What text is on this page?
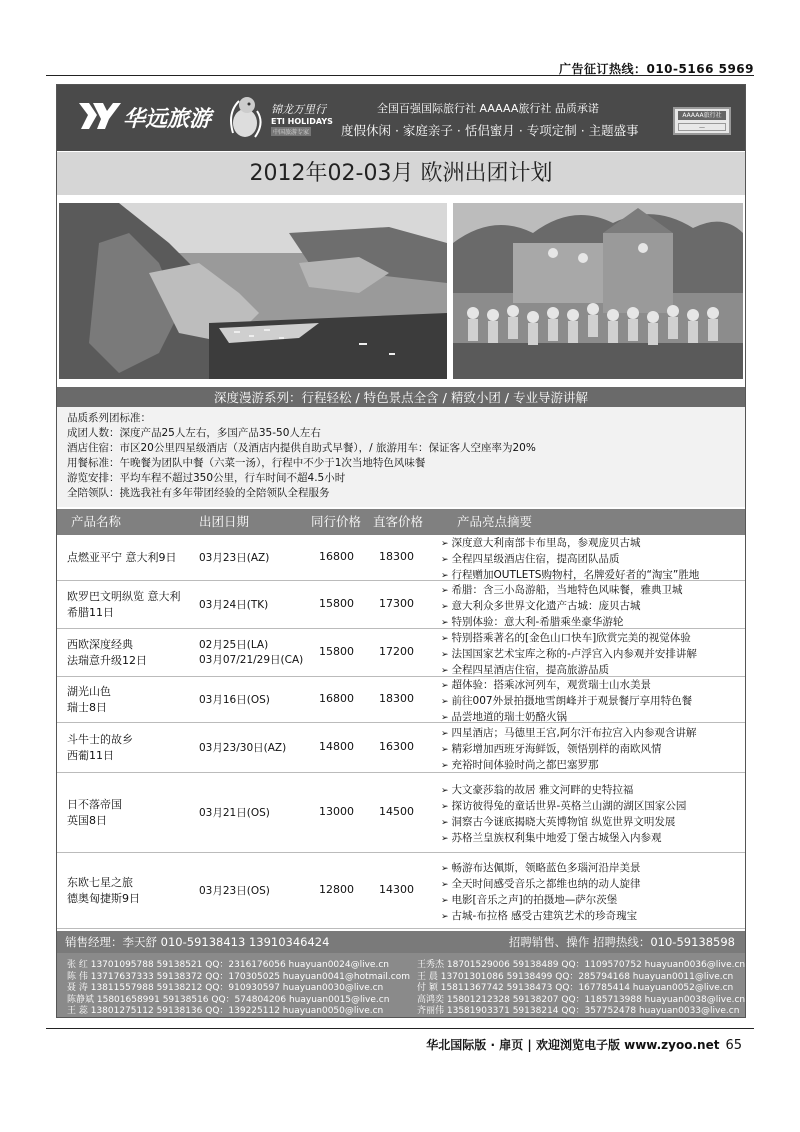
广告征订热线：010-5166 5969
华远旅游	锦龙万里行
ETI HOLIDAYS
中国旅游专家
全国百强国际旅行社 AAAAA旅行社 品质承诺
度假休闲 · 家庭亲子 · 恬侣蜜月 · 专项定制 · 主题盛事
AAAAA旅行社
—
2012年02-03月 欧洲出团计划
深度漫游系列：行程轻松 / 特色景点全含 / 精致小团 / 专业导游讲解
品质系列团标准：
成团人数：深度产品25人左右，多国产品35-50人左右
酒店住宿：市区20公里四星级酒店（及酒店内提供自助式早餐），/ 旅游用车：保证客人空座率为20%
用餐标准：午晚餐为团队中餐（六菜一汤），行程中不少于1次当地特色风味餐
游览安排：平均车程不超过350公里，行车时间不超4.5小时
全陪领队：挑选我社有多年带团经验的全陪领队全程服务
产品名称	出团日期	同行价格 直客价格	产品亮点摘要
点燃亚平宁 意大利9日 03月23日(AZ)	16800 18300
➢ 深度意大利南部卡布里岛，参观庞贝古城
➢ 全程四星级酒店住宿，提高团队品质
➢ 行程赠加OUTLETS购物村，名牌爱好者的“淘宝”胜地
欧罗巴文明纵览 意大利
希腊11日
03月24日(TK)	15800 17300
➢ 希腊：含三小岛游船，当地特色风味餐，雅典卫城
➢ 意大利众多世界文化遗产古城：庞贝古城
➢ 特别体验：意大利-希腊乘坐豪华游轮
西欧深度经典
法瑞意升级12日
02月25日(LA)
03月07/21/29日(CA)
15800 17200
➢ 特别搭乘著名的[金色山口快车]欣赏完美的视觉体验
➢ 法国国家艺术宝库之称的-卢浮宫入内参观并安排讲解
➢ 全程四星酒店住宿，提高旅游品质
湖光山色
瑞士8日
03月16日(OS)	16800 18300
➢ 超体验：搭乘冰河列车，观赏瑞士山水美景
➢ 前往007外景拍摄地雪朗峰并于观景餐厅享用特色餐
➢ 品尝地道的瑞士奶酪火锅
斗牛士的故乡
西葡11日
03月23/30日(AZ)	14800 16300
➢ 四星酒店；马德里王宫,阿尔汗布拉宫入内参观含讲解
➢ 精彩增加西班牙海鲜饭，领悟别样的南欧风情
➢ 充裕时间体验时尚之都巴塞罗那
日不落帝国
英国8日
03月21日(OS)	13000 14500
➢ 大文豪莎翁的故居 雅文河畔的史特拉福
➢ 探访彼得兔的童话世界-英格兰山湖的湖区国家公园
➢ 洞察古今谜底揭晓大英博物馆 纵览世界文明发展
➢ 苏格兰皇族权利集中地爱丁堡古城堡入内参观
东欧七星之旅
德奥匈捷斯9日
03月23日(OS)	12800 14300
➢ 畅游布达佩斯，领略蓝色多瑙河沿岸美景
➢ 全天时间感受音乐之都维也纳的动人旋律
➢ 电影[音乐之声]的拍摄地—萨尔茨堡
➢ 古城-布拉格 感受古建筑艺术的珍奇瑰宝
销售经理：李天舒 010-59138413 13910346424	招聘销售、操作 招聘热线：010-59138598
张 红 13701095788 59138521 QQ：2316176056 huayuan0024@live.cn
陈 伟 13717637333 59138372 QQ：170305025 huayuan0041@hotmail.com
聂 涛 13811557988 59138212 QQ：910930597 huayuan0030@live.cn
陈静斌 15801658991 59138516 QQ：574804206 huayuan0015@live.cn
王 蕊 13801275112 59138136 QQ：139225112 huayuan0050@live.cn
王秀杰 18701529006 59138489 QQ：1109570752 huayuan0036@live.cn
王 晨 13701301086 59138499 QQ：285794168 huayuan0011@live.cn
付 颖 15811367742 59138473 QQ：167785414 huayuan0052@live.cn
高鸿奕 15801212328 59138207 QQ：1185713988 huayuan0038@live.cn
齐丽伟 13581903371 59138214 QQ：357752478 huayuan0033@live.cn
华北国际版 · 扉页 | 欢迎浏览电子版 www.zyoo.net 65
